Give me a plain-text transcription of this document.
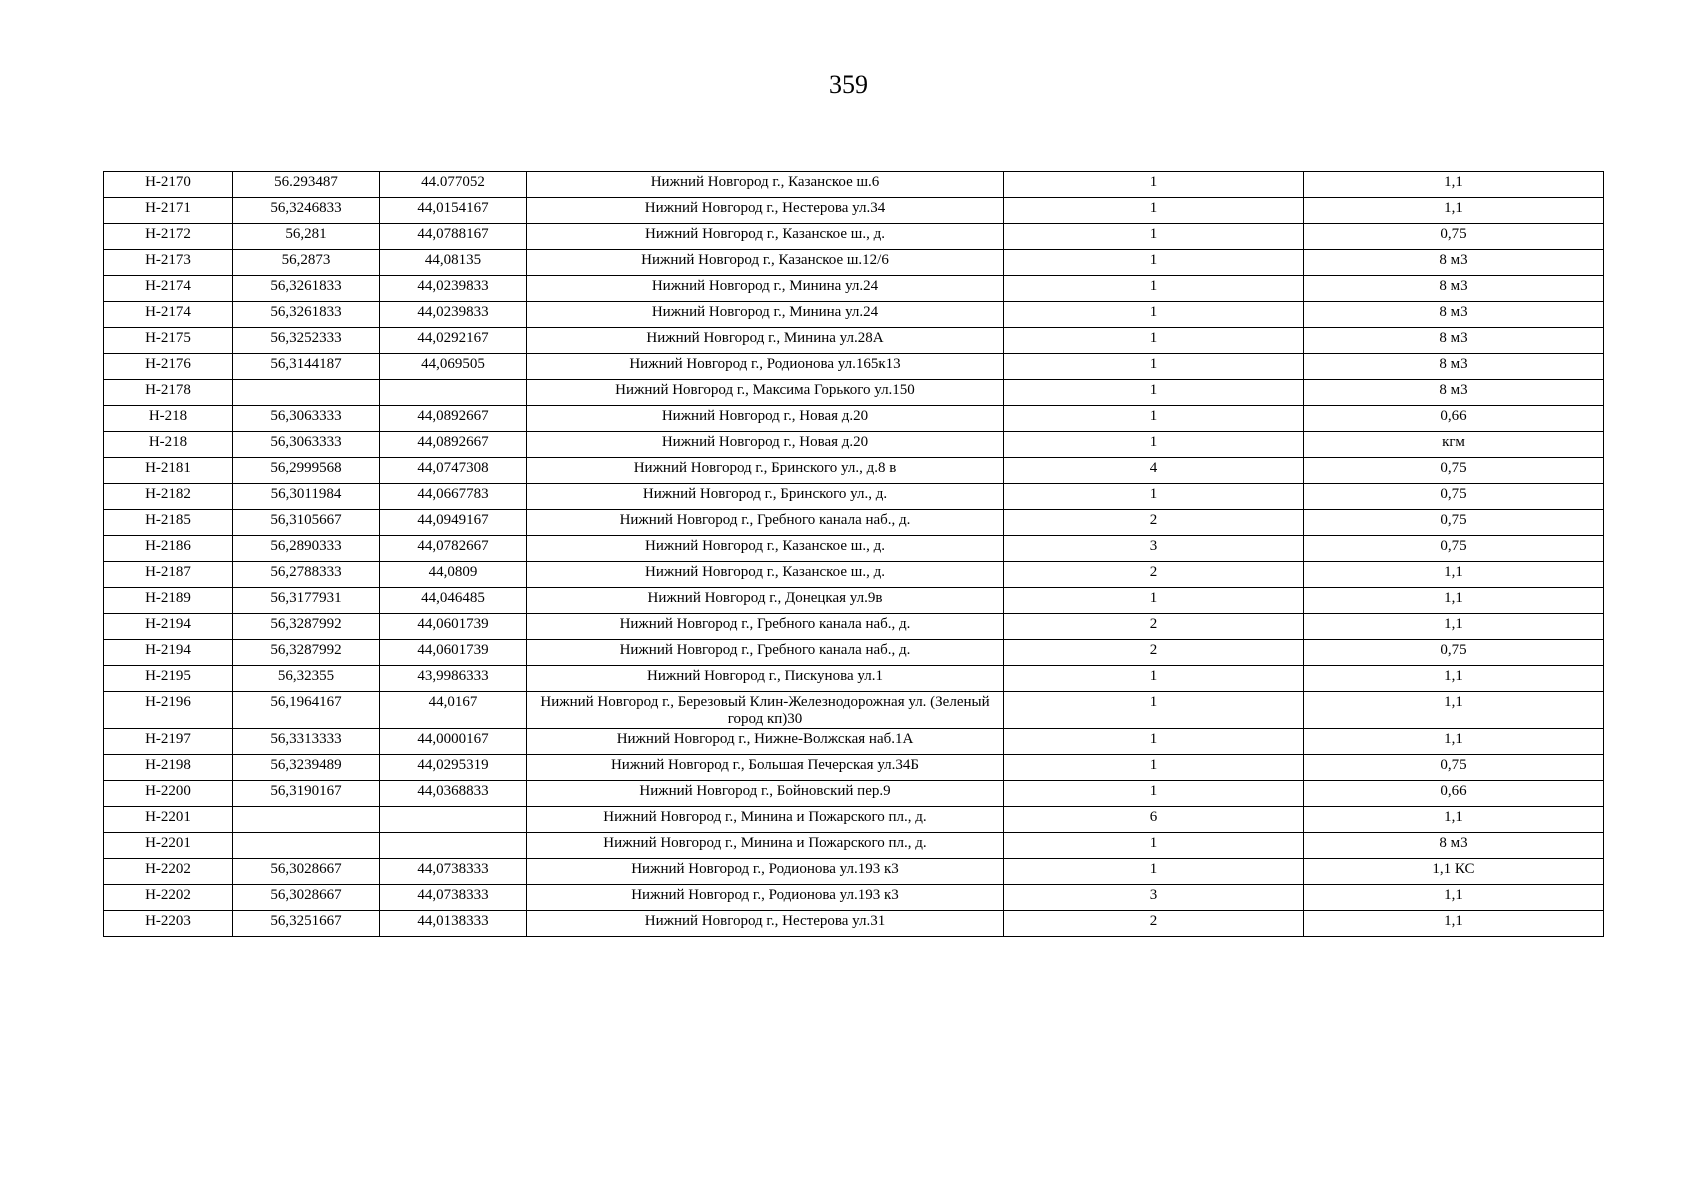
359
Н-2170	56.293487	44.077052	Нижний Новгород г., Казанское ш.6	1	1,1
Н-2171	56,3246833	44,0154167	Нижний Новгород г., Нестерова ул.34	1	1,1
Н-2172	56,281	44,0788167	Нижний Новгород г., Казанское ш., д.	1	0,75
Н-2173	56,2873	44,08135	Нижний Новгород г., Казанское ш.12/6	1	8 м3
Н-2174	56,3261833	44,0239833	Нижний Новгород г., Минина ул.24	1	8 м3
Н-2174	56,3261833	44,0239833	Нижний Новгород г., Минина ул.24	1	8 м3
Н-2175	56,3252333	44,0292167	Нижний Новгород г., Минина ул.28А	1	8 м3
Н-2176	56,3144187	44,069505	Нижний Новгород г., Родионова ул.165к13	1	8 м3
Н-2178			Нижний Новгород г., Максима Горького ул.150	1	8 м3
Н-218	56,3063333	44,0892667	Нижний Новгород г., Новая д.20	1	0,66
Н-218	56,3063333	44,0892667	Нижний Новгород г., Новая д.20	1	кгм
Н-2181	56,2999568	44,0747308	Нижний Новгород г., Бринского ул., д.8 в	4	0,75
Н-2182	56,3011984	44,0667783	Нижний Новгород г., Бринского ул., д.	1	0,75
Н-2185	56,3105667	44,0949167	Нижний Новгород г., Гребного канала наб., д.	2	0,75
Н-2186	56,2890333	44,0782667	Нижний Новгород г., Казанское ш., д.	3	0,75
Н-2187	56,2788333	44,0809	Нижний Новгород г., Казанское ш., д.	2	1,1
Н-2189	56,3177931	44,046485	Нижний Новгород г., Донецкая ул.9в	1	1,1
Н-2194	56,3287992	44,0601739	Нижний Новгород г., Гребного канала наб., д.	2	1,1
Н-2194	56,3287992	44,0601739	Нижний Новгород г., Гребного канала наб., д.	2	0,75
Н-2195	56,32355	43,9986333	Нижний Новгород г., Пискунова ул.1	1	1,1
Н-2196	56,1964167	44,0167	Нижний Новгород г., Березовый Клин-Железнодорожная ул. (Зеленый город кп)30	1	1,1
Н-2197	56,3313333	44,0000167	Нижний Новгород г., Нижне-Волжская наб.1А	1	1,1
Н-2198	56,3239489	44,0295319	Нижний Новгород г., Большая Печерская ул.34Б	1	0,75
Н-2200	56,3190167	44,0368833	Нижний Новгород г., Бойновский пер.9	1	0,66
Н-2201			Нижний Новгород г., Минина и Пожарского пл., д.	6	1,1
Н-2201			Нижний Новгород г., Минина и Пожарского пл., д.	1	8 м3
Н-2202	56,3028667	44,0738333	Нижний Новгород г., Родионова ул.193 к3	1	1,1 КС
Н-2202	56,3028667	44,0738333	Нижний Новгород г., Родионова ул.193 к3	3	1,1
Н-2203	56,3251667	44,0138333	Нижний Новгород г., Нестерова ул.31	2	1,1
